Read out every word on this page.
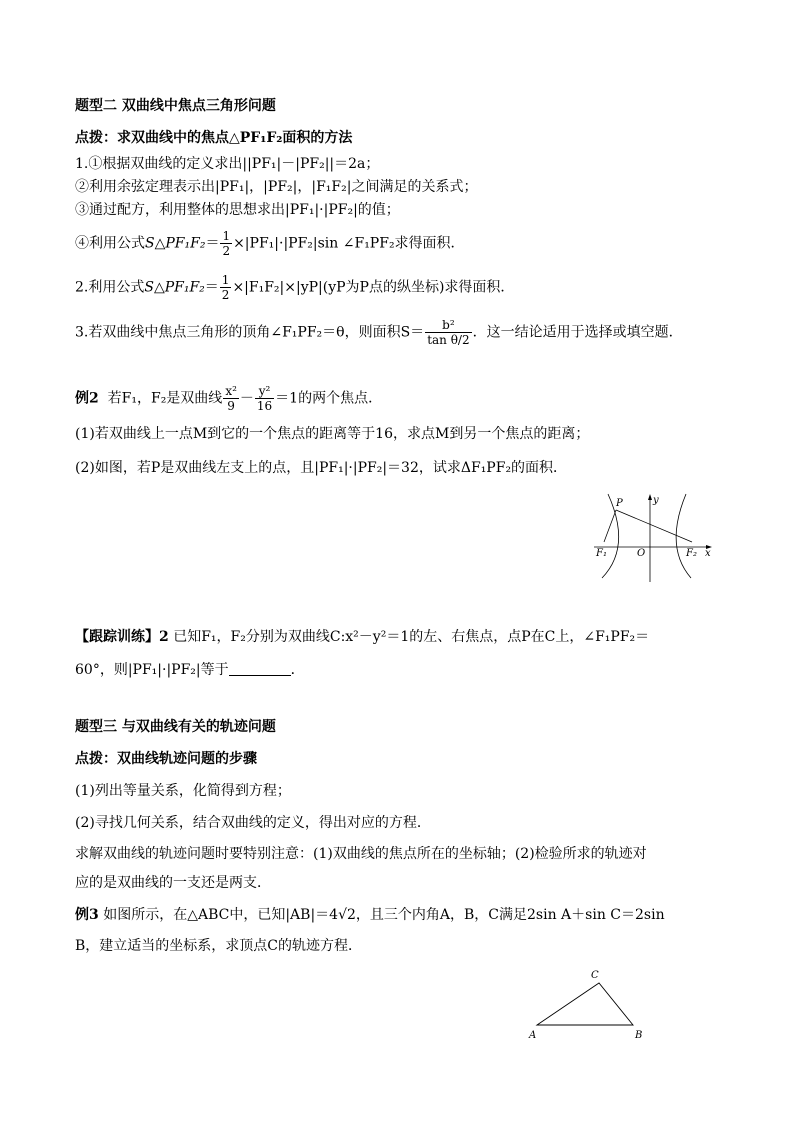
题型二 双曲线中焦点三角形问题
点拨：求双曲线中的焦点△PF₁F₂面积的方法
1.①根据双曲线的定义求出||PF₁|－|PF₂||＝2a；
②利用余弦定理表示出|PF₁|，|PF₂|，|F₁F₂|之间满足的关系式；
③通过配方，利用整体的思想求出|PF₁|·|PF₂|的值；
④利用公式S△PF₁F₂＝ $\frac{1}{2} \times|PF_1|\cdot|PF_2|\sin$ ∠F₁PF₂求得面积．
2.利用公式S△PF₁F₂＝ $\frac{1}{2} \times|F_1F_2|\times|yP|(yP$为P点的纵坐标)求得面积．
3.若双曲线中焦点三角形的顶角∠F₁PF₂＝θ，则面积$S= \frac{\text{b²}}{\text{tan θ/2}}$ ．这一结论适用于选择或填空题．
例2 若F₁，F₂是双曲线 $\frac{\text{x²}}{9} - \frac{\text{y²}}{16} =1$的两个焦点．
(1)若双曲线上一点M到它的一个焦点的距离等于16，求点M到另一个焦点的距离；
(2)如图，若P是双曲线左支上的点，且|PF₁|·|PF₂|＝32，试求ΔF₁PF₂的面积．
P	y
F₁	O	F₂ x
【跟踪训练】2 已知F₁，F₂分别为双曲线C:x²－y²＝1的左、右焦点，点P在C上，∠F₁PF₂＝
60°，则|PF₁|·|PF₂|等于	．
题型三 与双曲线有关的轨迹问题
点拨：双曲线轨迹问题的步骤
(1)列出等量关系，化简得到方程；
(2)寻找几何关系，结合双曲线的定义，得出对应的方程．
求解双曲线的轨迹问题时要特别注意：(1)双曲线的焦点所在的坐标轴；(2)检验所求的轨迹对
应的是双曲线的一支还是两支．
例3 如图所示，在△ABC中，已知|AB|＝4√2，且三个内角A，B，C满足2sin A＋sin C＝2sin
B，建立适当的坐标系，求顶点C的轨迹方程．
A	B
C
